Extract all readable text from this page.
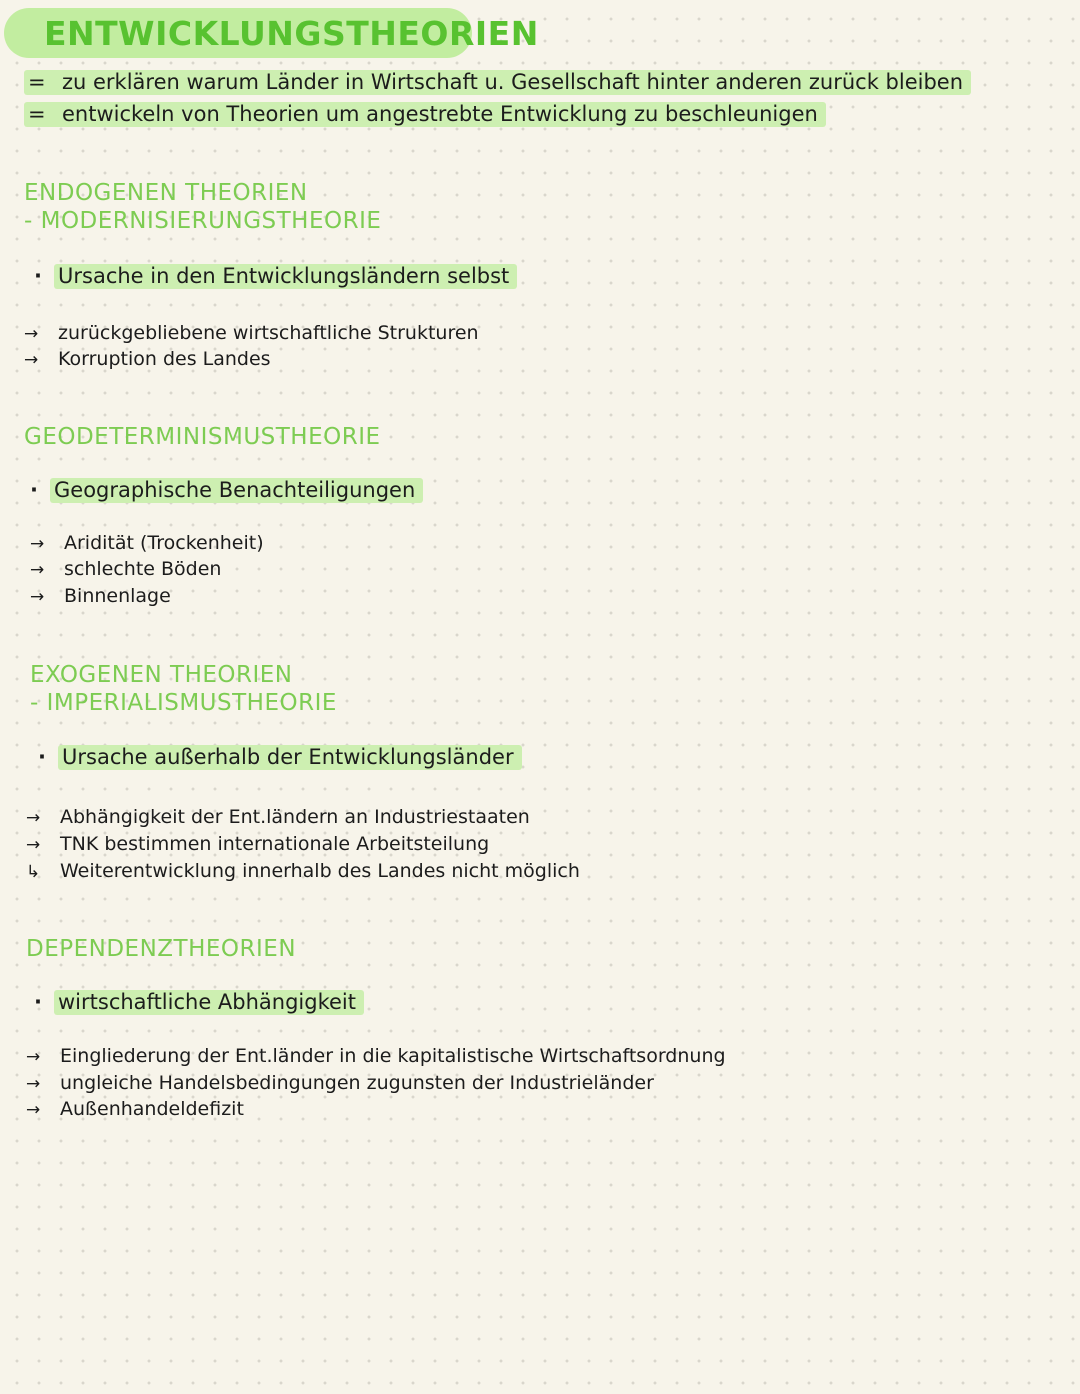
ENTWICKLUNGSTHEORIEN
= zu erklären warum Länder in Wirtschaft u. Gesellschaft hinter anderen zurück bleiben
= entwickeln von Theorien um angestrebte Entwicklung zu beschleunigen
ENDOGENEN THEORIEN
- MODERNISIERUNGSTHEORIE
· Ursache in den Entwicklungsländern selbst
→ zurückgebliebene wirtschaftliche Strukturen
→ Korruption des Landes
GEODETERMINISMUSTHEORIE
· Geographische Benachteiligungen
→ Aridität (Trockenheit)
→ schlechte Böden
→ Binnenlage
EXOGENEN THEORIEN
- IMPERIALISMUSTHEORIE
· Ursache außerhalb der Entwicklungsländer
→ Abhängigkeit der Ent.ländern an Industriestaaten
→ TNK bestimmen internationale Arbeitsteilung
↳ Weiterentwicklung innerhalb des Landes nicht möglich
DEPENDENZTHEORIEN
· wirtschaftliche Abhängigkeit
→ Eingliederung der Ent.länder in die kapitalistische Wirtschaftsordnung
→ ungleiche Handelsbedingungen zugunsten der Industrieländer
→ Außenhandeldefizit
